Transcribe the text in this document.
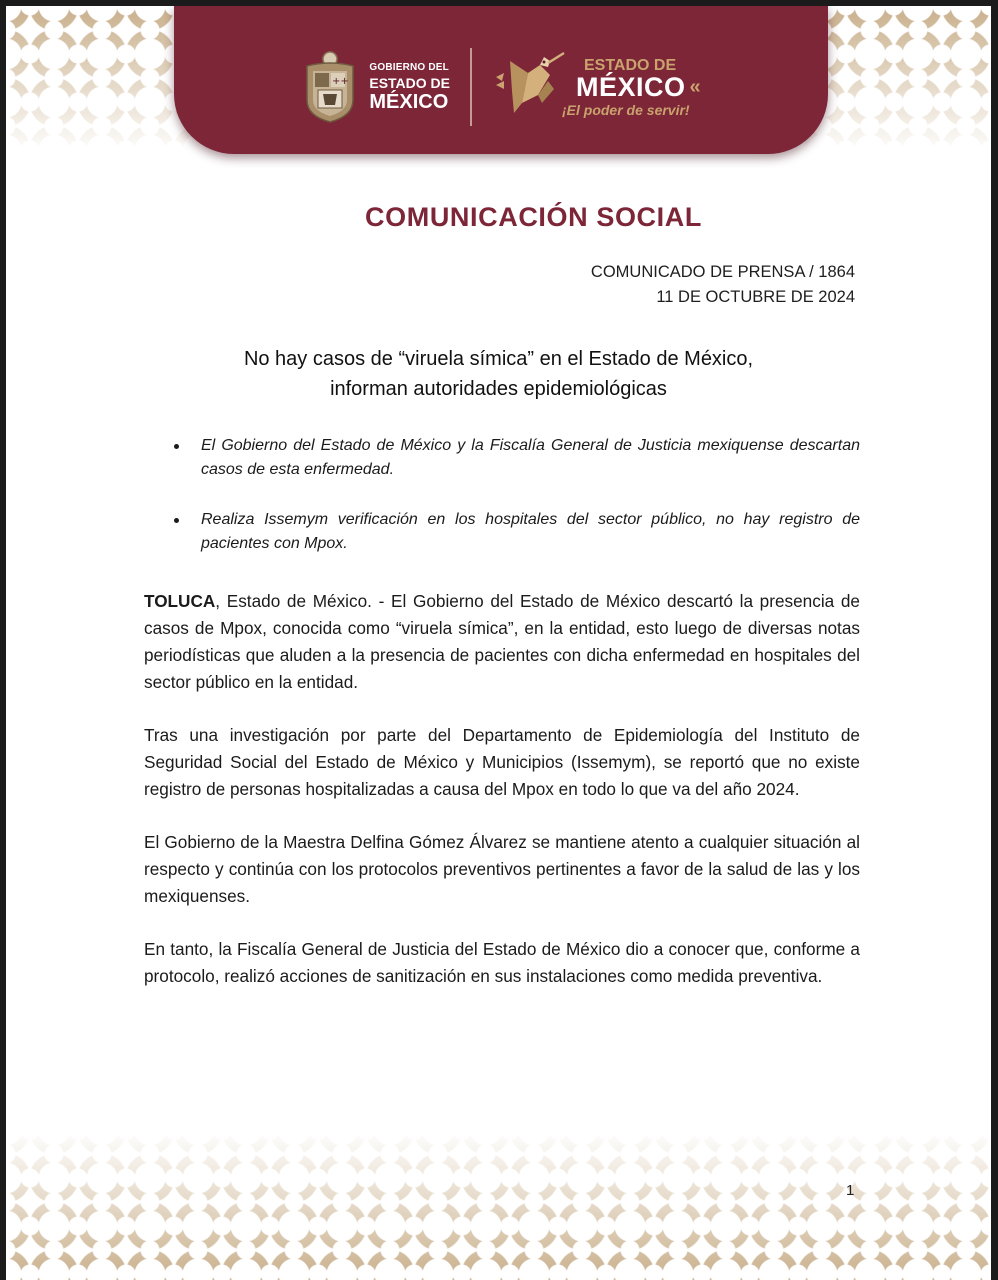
++
GOBIERNO DEL
ESTADO DE
MÉXICO
ESTADO DE
MÉXICO «
¡El poder de servir!
COMUNICACIÓN SOCIAL
COMUNICADO DE PRENSA / 1864
11 DE OCTUBRE DE 2024
No hay casos de “viruela símica” en el Estado de México,
informan autoridades epidemiológicas
El Gobierno del Estado de México y la Fiscalía General de Justicia mexiquense descartan casos de esta enfermedad.
Realiza Issemym verificación en los hospitales del sector público, no hay registro de pacientes con Mpox.

TOLUCA, Estado de México. - El Gobierno del Estado de México descartó la presencia de casos de Mpox, conocida como “viruela símica”, en la entidad, esto luego de diversas notas periodísticas que aluden a la presencia de pacientes con dicha enfermedad en hospitales del sector público en la entidad.

Tras una investigación por parte del Departamento de Epidemiología del Instituto de Seguridad Social del Estado de México y Municipios (Issemym), se reportó que no existe registro de personas hospitalizadas a causa del Mpox en todo lo que va del año 2024.

El Gobierno de la Maestra Delfina Gómez Álvarez se mantiene atento a cualquier situación al respecto y continúa con los protocolos preventivos pertinentes a favor de la salud de las y los mexiquenses.

En tanto, la Fiscalía General de Justicia del Estado de México dio a conocer que, conforme a protocolo, realizó acciones de sanitización en sus instalaciones como medida preventiva.

1
